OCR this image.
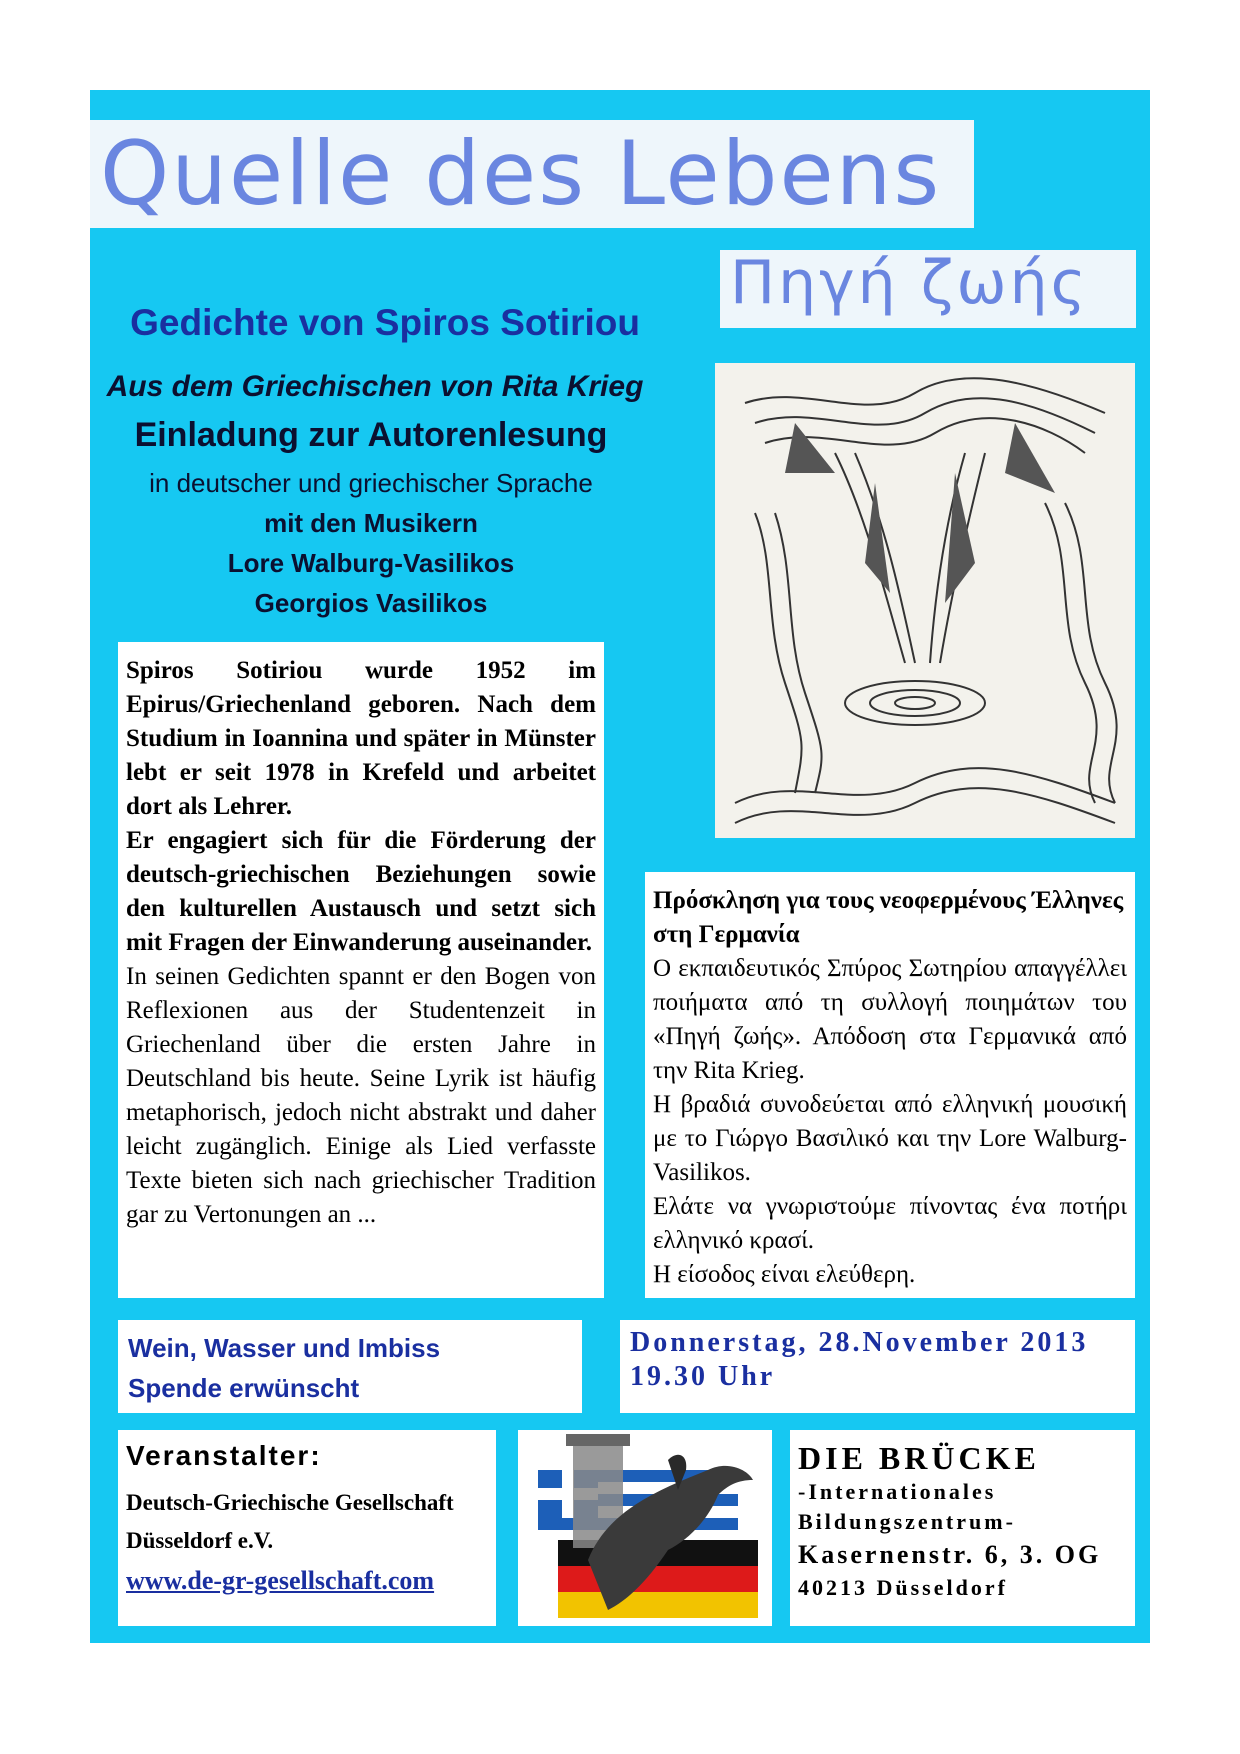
Quelle des Lebens
Πηγή ζωής
Gedichte von Spiros Sotiriou
Aus dem Griechischen von Rita Krieg
Einladung zur Autorenlesung
in deutscher und griechischer Sprache
mit den Musikern
Lore Walburg-Vasilikos
Georgios Vasilikos

Spiros Sotiriou wurde 1952 im Epirus/Griechenland geboren. Nach dem Studium in Ioannina und später in Münster lebt er seit 1978 in Krefeld und arbeitet dort als Lehrer.

Er engagiert sich für die Förderung der deutsch-griechischen Beziehungen sowie den kulturellen Austausch und setzt sich mit Fragen der Einwanderung auseinander.

In seinen Gedichten spannt er den Bogen von Reflexionen aus der Studentenzeit in Griechenland über die ersten Jahre in Deutschland bis heute. Seine Lyrik ist häufig metaphorisch, jedoch nicht abstrakt und daher leicht zugänglich. Einige als Lied verfasste Texte bieten sich nach griechischer Tradition gar zu Vertonungen an ...

Πρόσκληση για τους νεοφερμένους Έλληνες στη Γερμανία

Ο εκπαιδευτικός Σπύρος Σωτηρίου απαγγέλλει ποιήματα από τη συλλογή ποιημάτων του «Πηγή ζωής». Απόδοση στα Γερμανικά από την Rita Krieg.

Η βραδιά συνοδεύεται από ελληνική μουσική με το Γιώργο Βασιλικό και την Lore Walburg-Vasilikos.

Ελάτε να γνωριστούμε πίνοντας ένα ποτήρι ελληνικό κρασί.

Η είσοδος είναι ελεύθερη.

Wein, Wasser und Imbiss
Spende erwünscht
Donnerstag, 28.November 2013
19.30 Uhr
Veranstalter:
Deutsch-Griechische Gesellschaft
Düsseldorf e.V.
www.de-gr-gesellschaft.com
DIE BRÜCKE
-Internationales
Bildungszentrum-
Kasernenstr. 6, 3. OG
40213 Düsseldorf
